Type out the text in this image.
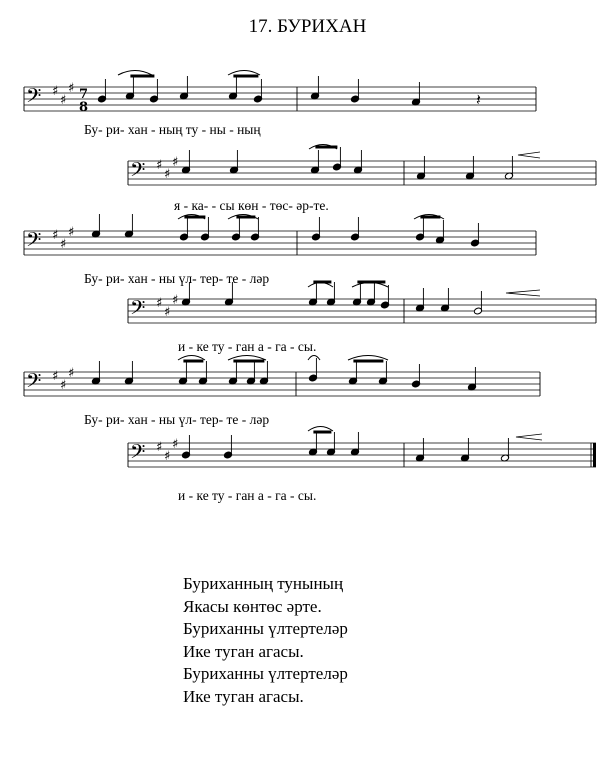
17. БУРИХАН
𝄢 ♯
♯
♯ 7
8	𝄽
𝄢 ♯
♯
♯
𝄢 ♯
♯
♯
𝄢 ♯
♯
♯
𝄢 ♯
♯
♯
𝄢 ♯
♯
♯
Бу- ри- хан - ның ту - ны - ның
я - ка- - сы көн - төс- әр-те.
Бу- ри- хан - ны үл- тер- те - ләр
и - ке ту - ган а - га - сы.
Бу- ри- хан - ны үл- тер- те - ләр
и - ке ту - ган а - га - сы.
Буриханның тунының
Якасы көнтөс әрте.
Буриханны үлтертеләр
Ике туган агасы.
Буриханны үлтертеләр
Ике туган агасы.
